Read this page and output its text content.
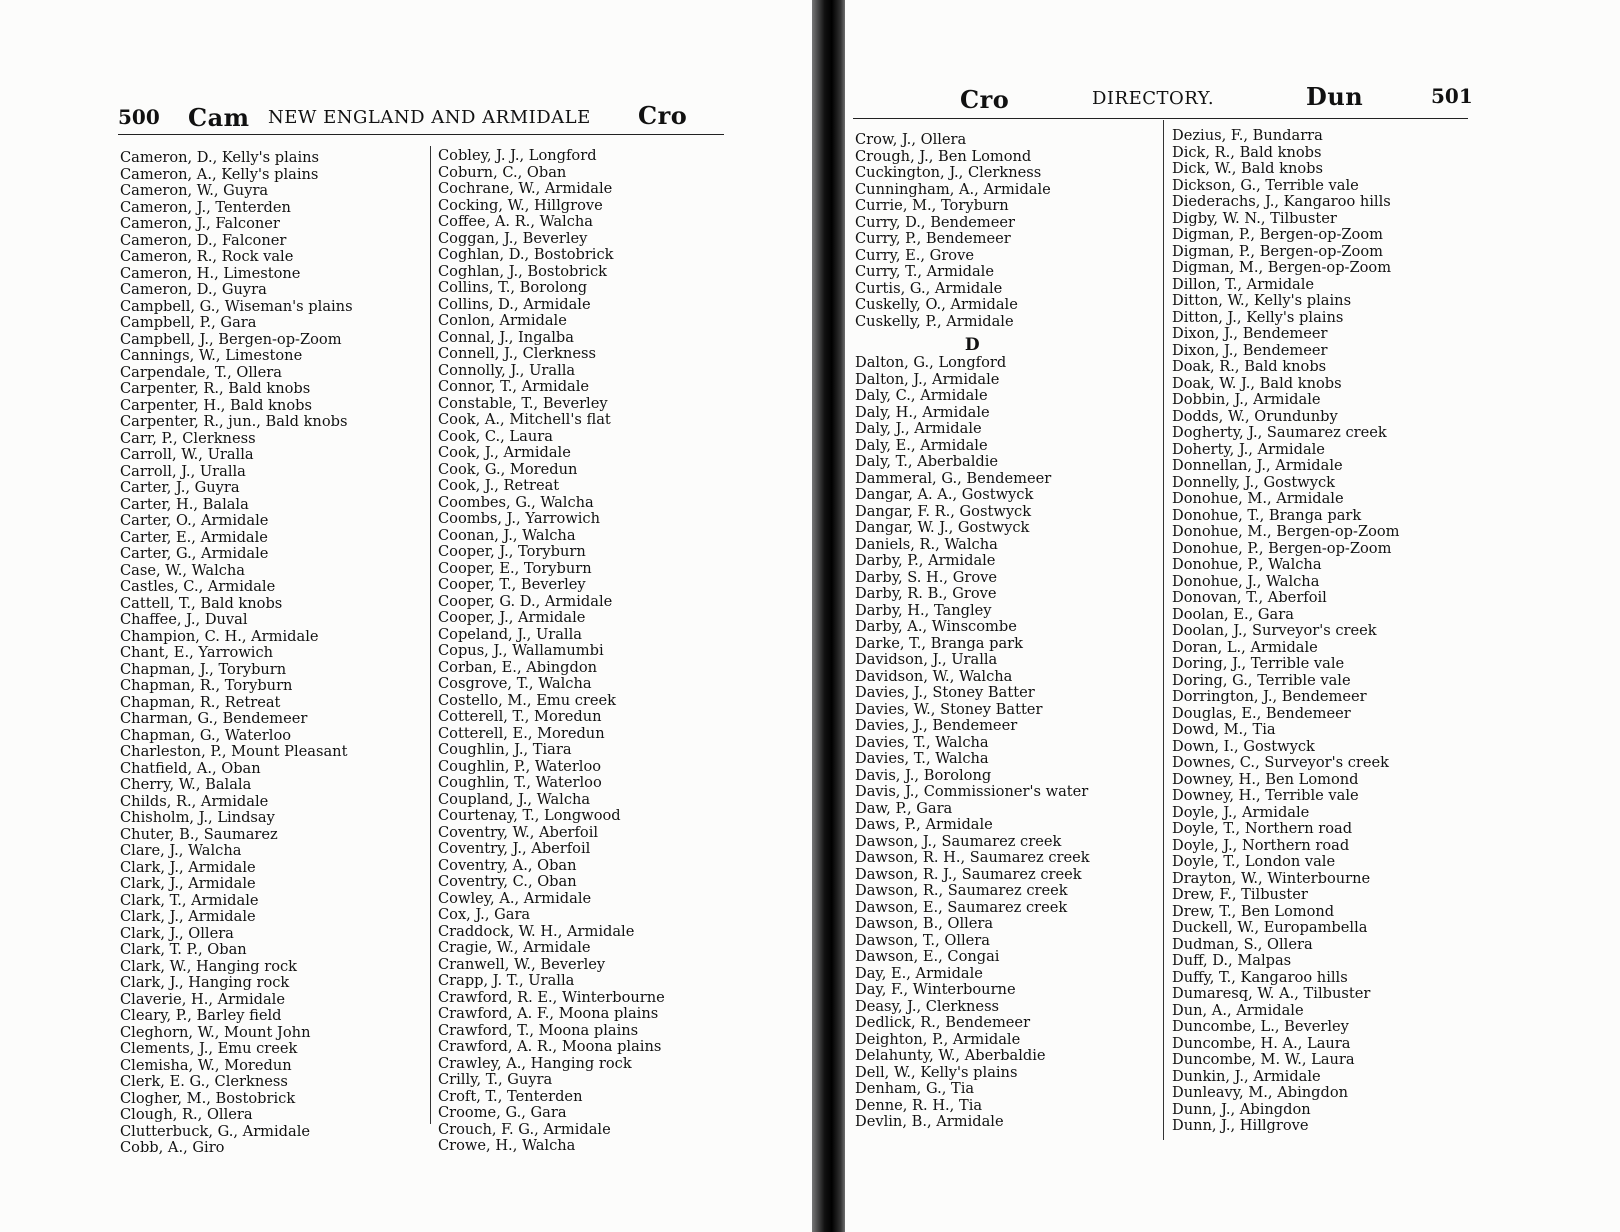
500 Cam NEW ENGLAND AND ARMIDALE Cro
Cameron, D., Kelly's plains
Cameron, A., Kelly's plains
Cameron, W., Guyra
Cameron, J., Tenterden
Cameron, J., Falconer
Cameron, D., Falconer
Cameron, R., Rock vale
Cameron, H., Limestone
Cameron, D., Guyra
Campbell, G., Wiseman's plains
Campbell, P., Gara
Campbell, J., Bergen-op-Zoom
Cannings, W., Limestone
Carpendale, T., Ollera
Carpenter, R., Bald knobs
Carpenter, H., Bald knobs
Carpenter, R., jun., Bald knobs
Carr, P., Clerkness
Carroll, W., Uralla
Carroll, J., Uralla
Carter, J., Guyra
Carter, H., Balala
Carter, O., Armidale
Carter, E., Armidale
Carter, G., Armidale
Case, W., Walcha
Castles, C., Armidale
Cattell, T., Bald knobs
Chaffee, J., Duval
Champion, C. H., Armidale
Chant, E., Yarrowich
Chapman, J., Toryburn
Chapman, R., Toryburn
Chapman, R., Retreat
Charman, G., Bendemeer
Chapman, G., Waterloo
Charleston, P., Mount Pleasant
Chatfield, A., Oban
Cherry, W., Balala
Childs, R., Armidale
Chisholm, J., Lindsay
Chuter, B., Saumarez
Clare, J., Walcha
Clark, J., Armidale
Clark, J., Armidale
Clark, T., Armidale
Clark, J., Armidale
Clark, J., Ollera
Clark, T. P., Oban
Clark, W., Hanging rock
Clark, J., Hanging rock
Claverie, H., Armidale
Cleary, P., Barley field
Cleghorn, W., Mount John
Clements, J., Emu creek
Clemisha, W., Moredun
Clerk, E. G., Clerkness
Clogher, M., Bostobrick
Clough, R., Ollera
Clutterbuck, G., Armidale
Cobb, A., Giro
Cobley, J. J., Longford
Coburn, C., Oban
Cochrane, W., Armidale
Cocking, W., Hillgrove
Coffee, A. R., Walcha
Coggan, J., Beverley
Coghlan, D., Bostobrick
Coghlan, J., Bostobrick
Collins, T., Borolong
Collins, D., Armidale
Conlon, Armidale
Connal, J., Ingalba
Connell, J., Clerkness
Connolly, J., Uralla
Connor, T., Armidale
Constable, T., Beverley
Cook, A., Mitchell's flat
Cook, C., Laura
Cook, J., Armidale
Cook, G., Moredun
Cook, J., Retreat
Coombes, G., Walcha
Coombs, J., Yarrowich
Coonan, J., Walcha
Cooper, J., Toryburn
Cooper, E., Toryburn
Cooper, T., Beverley
Cooper, G. D., Armidale
Cooper, J., Armidale
Copeland, J., Uralla
Copus, J., Wallamumbi
Corban, E., Abingdon
Cosgrove, T., Walcha
Costello, M., Emu creek
Cotterell, T., Moredun
Cotterell, E., Moredun
Coughlin, J., Tiara
Coughlin, P., Waterloo
Coughlin, T., Waterloo
Coupland, J., Walcha
Courtenay, T., Longwood
Coventry, W., Aberfoil
Coventry, J., Aberfoil
Coventry, A., Oban
Coventry, C., Oban
Cowley, A., Armidale
Cox, J., Gara
Craddock, W. H., Armidale
Cragie, W., Armidale
Cranwell, W., Beverley
Crapp, J. T., Uralla
Crawford, R. E., Winterbourne
Crawford, A. F., Moona plains
Crawford, T., Moona plains
Crawford, A. R., Moona plains
Crawley, A., Hanging rock
Crilly, T., Guyra
Croft, T., Tenterden
Croome, G., Gara
Crouch, F. G., Armidale
Crowe, H., Walcha
Cro	DIRECTORY.	Dun	501
Crow, J., Ollera
Crough, J., Ben Lomond
Cuckington, J., Clerkness
Cunningham, A., Armidale
Currie, M., Toryburn
Curry, D., Bendemeer
Curry, P., Bendemeer
Curry, E., Grove
Curry, T., Armidale
Curtis, G., Armidale
Cuskelly, O., Armidale
Cuskelly, P., Armidale
D
Dalton, G., Longford
Dalton, J., Armidale
Daly, C., Armidale
Daly, H., Armidale
Daly, J., Armidale
Daly, E., Armidale
Daly, T., Aberbaldie
Dammeral, G., Bendemeer
Dangar, A. A., Gostwyck
Dangar, F. R., Gostwyck
Dangar, W. J., Gostwyck
Daniels, R., Walcha
Darby, P., Armidale
Darby, S. H., Grove
Darby, R. B., Grove
Darby, H., Tangley
Darby, A., Winscombe
Darke, T., Branga park
Davidson, J., Uralla
Davidson, W., Walcha
Davies, J., Stoney Batter
Davies, W., Stoney Batter
Davies, J., Bendemeer
Davies, T., Walcha
Davies, T., Walcha
Davis, J., Borolong
Davis, J., Commissioner's water
Daw, P., Gara
Daws, P., Armidale
Dawson, J., Saumarez creek
Dawson, R. H., Saumarez creek
Dawson, R. J., Saumarez creek
Dawson, R., Saumarez creek
Dawson, E., Saumarez creek
Dawson, B., Ollera
Dawson, T., Ollera
Dawson, E., Congai
Day, E., Armidale
Day, F., Winterbourne
Deasy, J., Clerkness
Dedlick, R., Bendemeer
Deighton, P., Armidale
Delahunty, W., Aberbaldie
Dell, W., Kelly's plains
Denham, G., Tia
Denne, R. H., Tia
Devlin, B., Armidale
Dezius, F., Bundarra
Dick, R., Bald knobs
Dick, W., Bald knobs
Dickson, G., Terrible vale
Diederachs, J., Kangaroo hills
Digby, W. N., Tilbuster
Digman, P., Bergen-op-Zoom
Digman, P., Bergen-op-Zoom
Digman, M., Bergen-op-Zoom
Dillon, T., Armidale
Ditton, W., Kelly's plains
Ditton, J., Kelly's plains
Dixon, J., Bendemeer
Dixon, J., Bendemeer
Doak, R., Bald knobs
Doak, W. J., Bald knobs
Dobbin, J., Armidale
Dodds, W., Orundunby
Dogherty, J., Saumarez creek
Doherty, J., Armidale
Donnellan, J., Armidale
Donnelly, J., Gostwyck
Donohue, M., Armidale
Donohue, T., Branga park
Donohue, M., Bergen-op-Zoom
Donohue, P., Bergen-op-Zoom
Donohue, P., Walcha
Donohue, J., Walcha
Donovan, T., Aberfoil
Doolan, E., Gara
Doolan, J., Surveyor's creek
Doran, L., Armidale
Doring, J., Terrible vale
Doring, G., Terrible vale
Dorrington, J., Bendemeer
Douglas, E., Bendemeer
Dowd, M., Tia
Down, I., Gostwyck
Downes, C., Surveyor's creek
Downey, H., Ben Lomond
Downey, H., Terrible vale
Doyle, J., Armidale
Doyle, T., Northern road
Doyle, J., Northern road
Doyle, T., London vale
Drayton, W., Winterbourne
Drew, F., Tilbuster
Drew, T., Ben Lomond
Duckell, W., Europambella
Dudman, S., Ollera
Duff, D., Malpas
Duffy, T., Kangaroo hills
Dumaresq, W. A., Tilbuster
Dun, A., Armidale
Duncombe, L., Beverley
Duncombe, H. A., Laura
Duncombe, M. W., Laura
Dunkin, J., Armidale
Dunleavy, M., Abingdon
Dunn, J., Abingdon
Dunn, J., Hillgrove
